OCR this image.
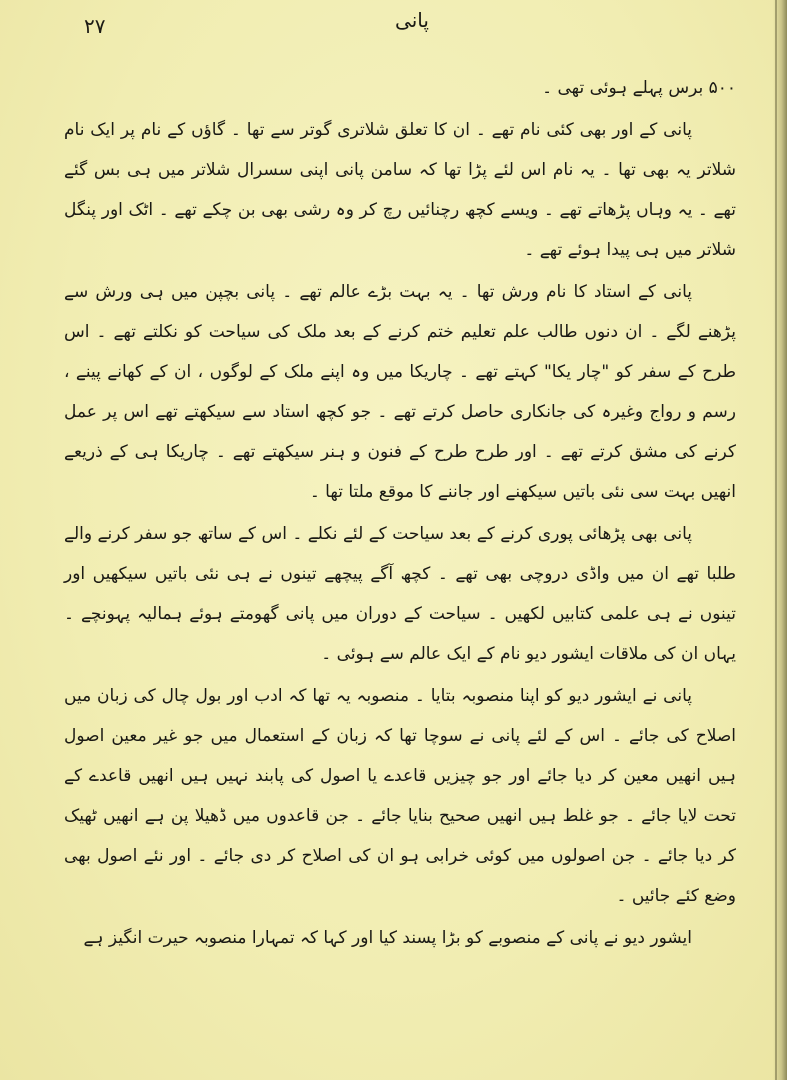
۲۷	پانی

۵۰۰ برس پہلے ہوئی تھی ۔

پانی کے اور بھی کئی نام تھے ۔ ان کا تعلق شلاتری گوتر سے تھا ۔ گاؤں کے نام پر ایک نام شلاتر یہ بھی تھا ۔ یہ نام اس لئے پڑا تھا کہ سامن پانی اپنی سسرال شلاتر میں ہی بس گئے تھے ۔ یہ وہاں پڑھاتے تھے ۔ ویسے کچھ رچنائیں رچ کر وہ رشی بھی بن چکے تھے ۔ اٹک اور پنگل شلاتر میں ہی پیدا ہوئے تھے ۔

پانی کے استاد کا نام ورش تھا ۔ یہ بہت بڑے عالم تھے ۔ پانی بچپن میں ہی ورش سے پڑھنے لگے ۔ ان دنوں طالب علم تعلیم ختم کرنے کے بعد ملک کی سیاحت کو نکلتے تھے ۔ اس طرح کے سفر کو "چار یکا" کہتے تھے ۔ چاریکا میں وہ اپنے ملک کے لوگوں ، ان کے کھانے پینے ، رسم و رواج وغیرہ کی جانکاری حاصل کرتے تھے ۔ جو کچھ استاد سے سیکھتے تھے اس پر عمل کرنے کی مشق کرتے تھے ۔ اور طرح طرح کے فنون و ہنر سیکھتے تھے ۔ چاریکا ہی کے ذریعے انھیں بہت سی نئی باتیں سیکھنے اور جاننے کا موقع ملتا تھا ۔

پانی بھی پڑھائی پوری کرنے کے بعد سیاحت کے لئے نکلے ۔ اس کے ساتھ جو سفر کرنے والے طلبا تھے ان میں واڈی دروچی بھی تھے ۔ کچھ آگے پیچھے تینوں نے ہی نئی باتیں سیکھیں اور تینوں نے ہی علمی کتابیں لکھیں ۔ سیاحت کے دوران میں پانی گھومتے ہوئے ہمالیہ پہونچے ۔ یہاں ان کی ملاقات ایشور دیو نام کے ایک عالم سے ہوئی ۔

پانی نے ایشور دیو کو اپنا منصوبہ بتایا ۔ منصوبہ یہ تھا کہ ادب اور بول چال کی زبان میں اصلاح کی جائے ۔ اس کے لئے پانی نے سوچا تھا کہ زبان کے استعمال میں جو غیر معین اصول ہیں انھیں معین کر دیا جائے اور جو چیزیں قاعدے یا اصول کی پابند نہیں ہیں انھیں قاعدے کے تحت لایا جائے ۔ جو غلط ہیں انھیں صحیح بنایا جائے ۔ جن قاعدوں میں ڈھیلا پن ہے انھیں ٹھیک کر دیا جائے ۔ جن اصولوں میں کوئی خرابی ہو ان کی اصلاح کر دی جائے ۔ اور نئے اصول بھی وضع کئے جائیں ۔

ایشور دیو نے پانی کے منصوبے کو بڑا پسند کیا اور کہا کہ تمہارا منصوبہ حیرت انگیز ہے
